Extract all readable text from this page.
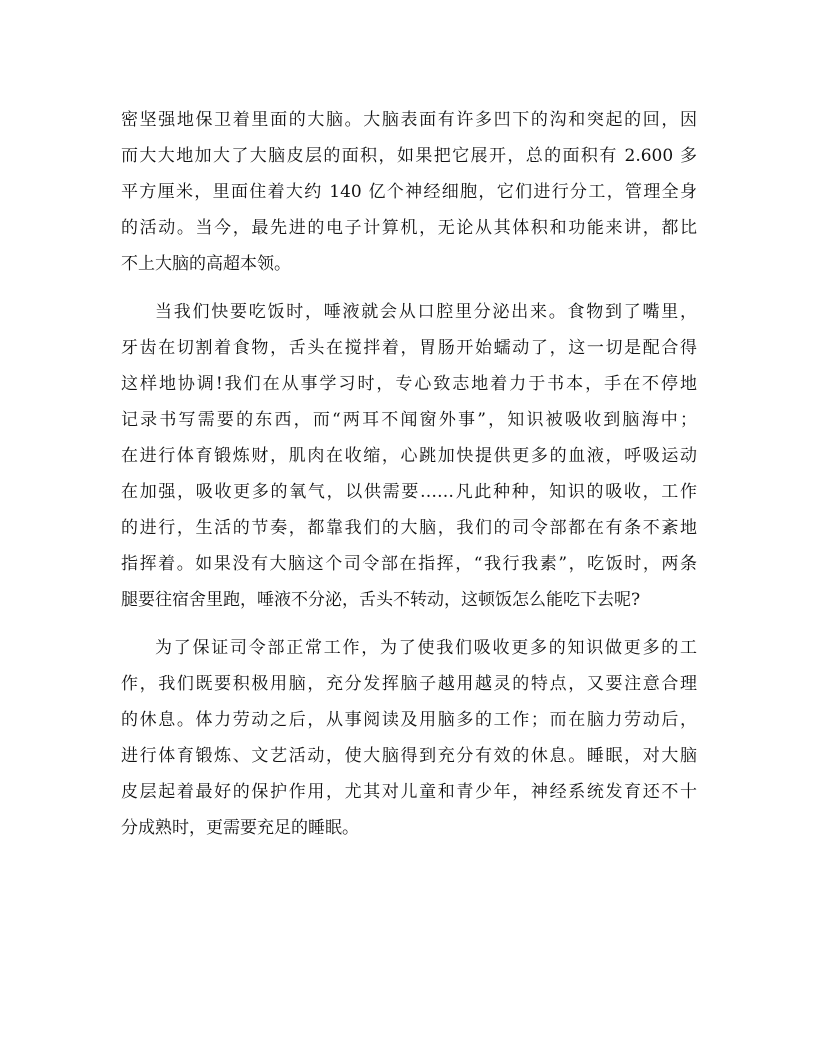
密坚强地保卫着里面的大脑。大脑表面有许多凹下的沟和突起的回，因
而大大地加大了大脑皮层的面积，如果把它展开，总的面积有 2.600 多
平方厘米，里面住着大约 140 亿个神经细胞，它们进行分工，管理全身
的活动。当今，最先进的电子计算机，无论从其体积和功能来讲，都比
不上大脑的高超本领。
当我们快要吃饭时，唾液就会从口腔里分泌出来。食物到了嘴里，
牙齿在切割着食物，舌头在搅拌着，胃肠开始蠕动了，这一切是配合得
这样地协调!我们在从事学习时，专心致志地着力于书本，手在不停地
记录书写需要的东西，而“两耳不闻窗外事”，知识被吸收到脑海中；
在进行体育锻炼财，肌肉在收缩，心跳加快提供更多的血液，呼吸运动
在加强，吸收更多的氧气，以供需要……凡此种种，知识的吸收，工作
的进行，生活的节奏，都靠我们的大脑，我们的司令部都在有条不紊地
指挥着。如果没有大脑这个司令部在指挥，“我行我素”，吃饭时，两条
腿要往宿舍里跑，唾液不分泌，舌头不转动，这顿饭怎么能吃下去呢?
为了保证司令部正常工作，为了使我们吸收更多的知识做更多的工
作，我们既要积极用脑，充分发挥脑子越用越灵的特点，又要注意合理
的休息。体力劳动之后，从事阅读及用脑多的工作；而在脑力劳动后，
进行体育锻炼、文艺活动，使大脑得到充分有效的休息。睡眠，对大脑
皮层起着最好的保护作用，尤其对儿童和青少年，神经系统发育还不十
分成熟时，更需要充足的睡眠。
